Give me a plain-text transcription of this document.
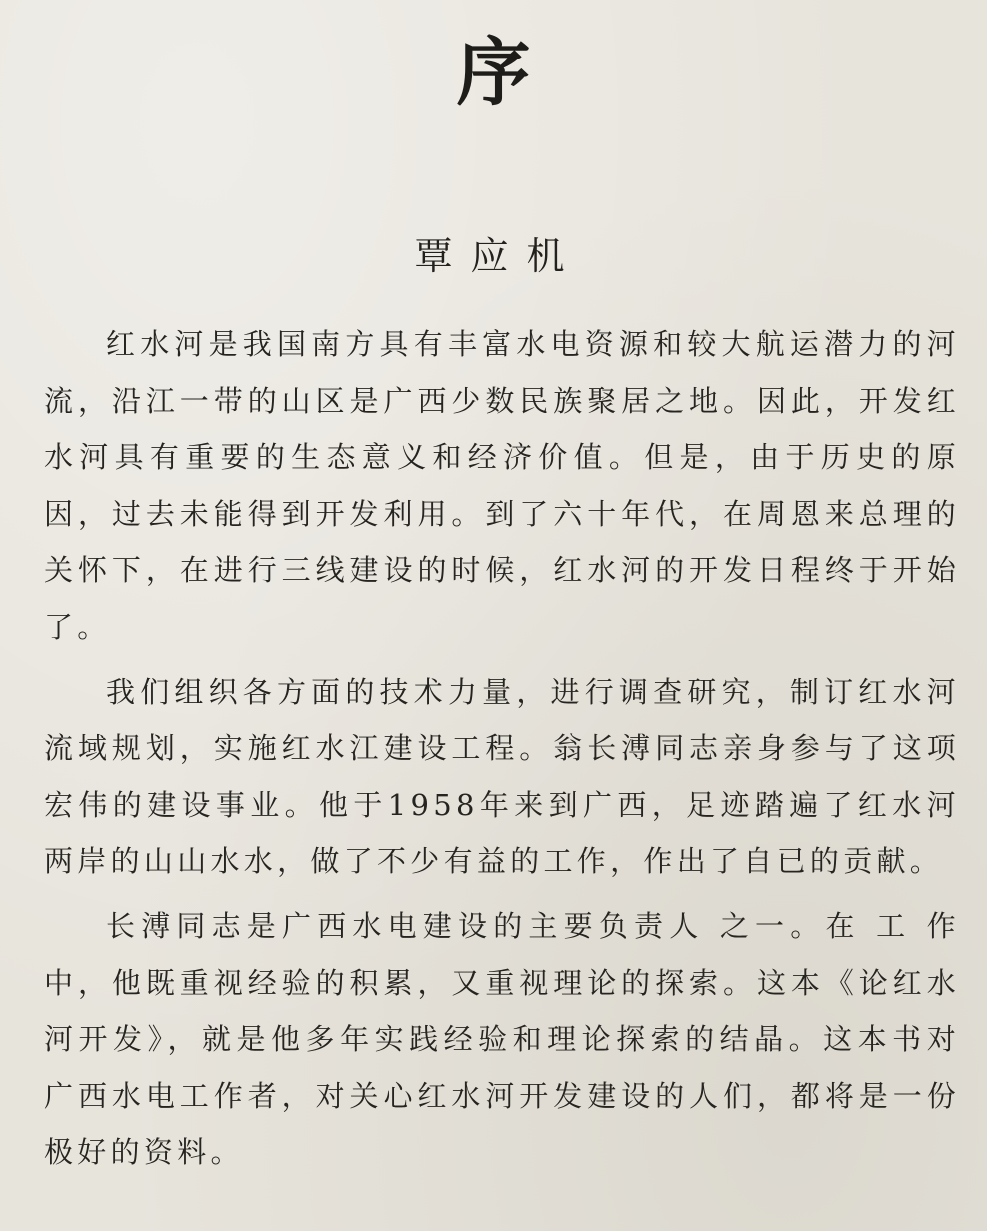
序
覃应机

红水河是我国南方具有丰富水电资源和较大航运潜力的河流，沿江一带的山区是广西少数民族聚居之地。因此，开发红水河具有重要的生态意义和经济价值。但是，由于历史的原因，过去未能得到开发利用。到了六十年代，在周恩来总理的关怀下，在进行三线建设的时候，红水河的开发日程终于开始了。

我们组织各方面的技术力量，进行调查研究，制订红水河流域规划，实施红水江建设工程。翁长溥同志亲身参与了这项宏伟的建设事业。他于1958年来到广西，足迹踏遍了红水河两岸的山山水水，做了不少有益的工作，作出了自已的贡献。

长溥同志是广西水电建设的主要负责人 之一。在 工 作中，他既重视经验的积累，又重视理论的探索。这本《论红水河开发》，就是他多年实践经验和理论探索的结晶。这本书对广西水电工作者，对关心红水河开发建设的人们，都将是一份极好的资料。
